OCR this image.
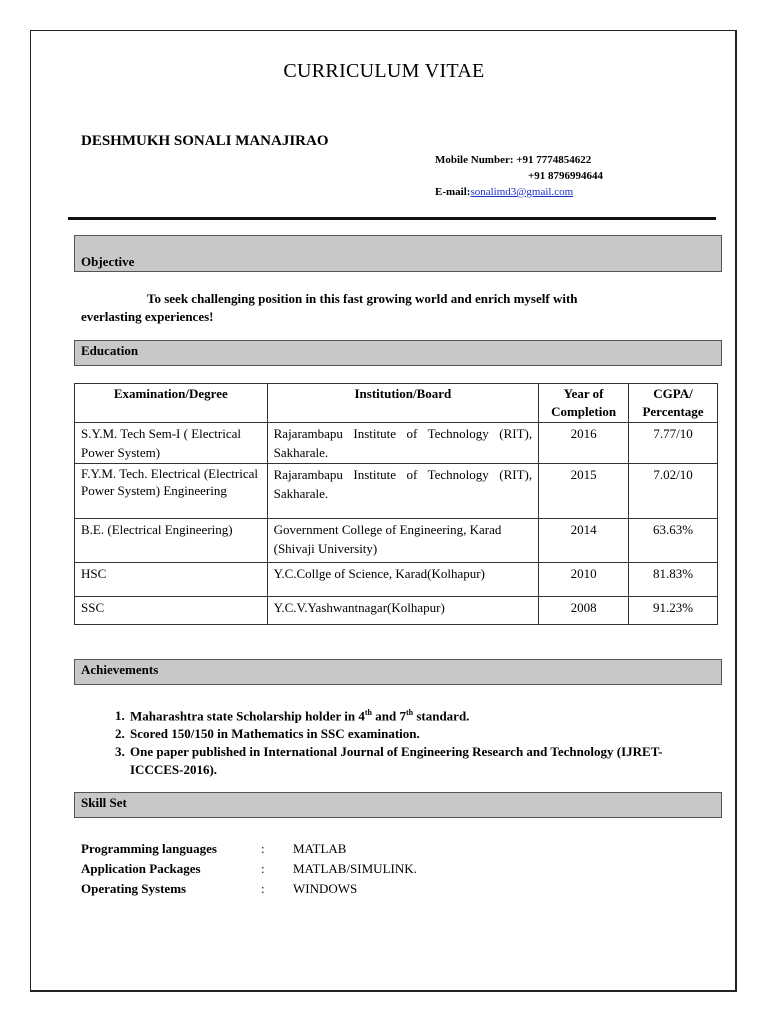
CURRICULUM VITAE
DESHMUKH SONALI MANAJIRAO
Mobile Number: +91 7774854622
+91 8796994644
E-mail:sonalimd3@gmail.com
Objective
To seek challenging position in this fast growing world and enrich myself with
everlasting experiences!
Education
Examination/Degree	Institution/Board	Year of Completion	CGPA/ Percentage
S.Y.M. Tech Sem-I ( Electrical Power System)	Rajarambapu Institute of Technology (RIT), Sakharale.	2016	7.77/10
F.Y.M. Tech. Electrical (Electrical Power System) Engineering	Rajarambapu Institute of Technology (RIT), Sakharale.	2015	7.02/10
B.E. (Electrical Engineering)	Government College of Engineering, Karad (Shivaji University)	2014	63.63%
HSC	Y.C.Collge of Science, Karad(Kolhapur)	2010	81.83%
SSC	Y.C.V.Yashwantnagar(Kolhapur)	2008	91.23%
Achievements
1. Maharashtra state Scholarship holder in 4th and 7th standard.
2. Scored 150/150 in Mathematics in SSC examination.
3. One paper published in International Journal of Engineering Research and Technology (IJRET-ICCCES-2016).
Skill Set
Programming languages	:	MATLAB
Application Packages	:	MATLAB/SIMULINK.
Operating Systems	:	WINDOWS
